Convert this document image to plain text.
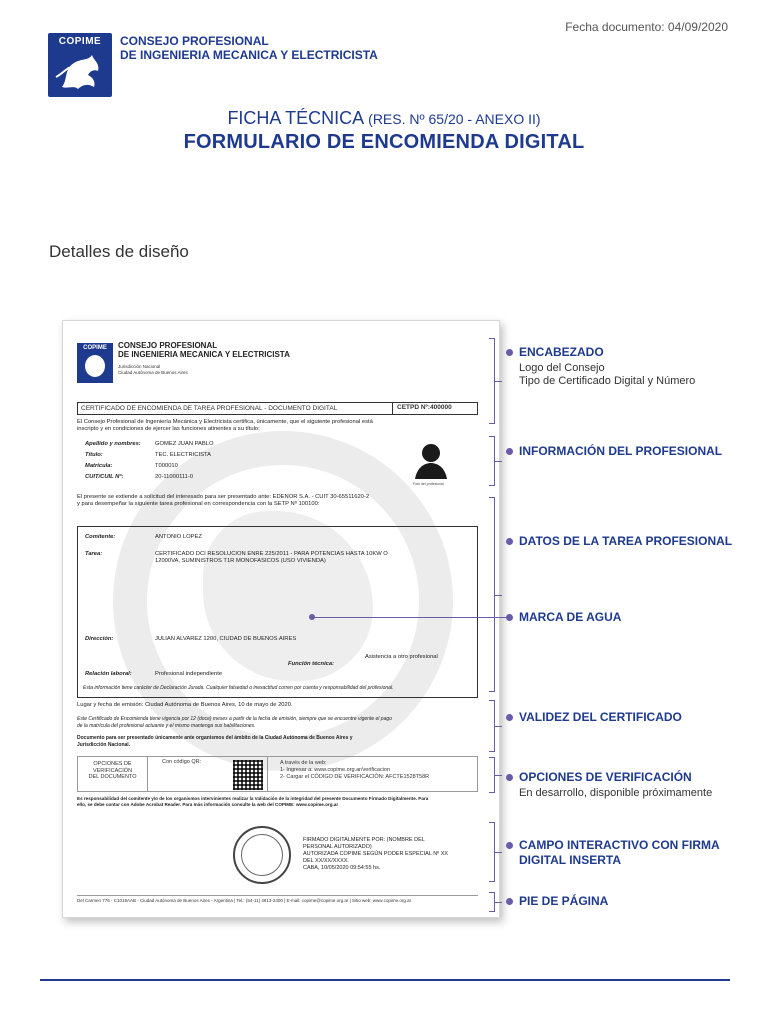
Fecha documento: 04/09/2020
COPIME	CONSEJO PROFESIONAL
DE INGENIERIA MECANICA Y ELECTRICISTA
FICHA TÉCNICA (RES. Nº 65/20 - ANEXO II)
FORMULARIO DE ENCOMIENDA DIGITAL
Detalles de diseño
COPIME	CONSEJO PROFESIONAL
DE INGENIERIA MECANICA Y ELECTRICISTA
Jurisdicción Nacional
Ciudad Autónoma de Buenos Aires
CERTIFICADO DE ENCOMIENDA DE TAREA PROFESIONAL - DOCUMENTO DIGITAL	CETPD Nº:400000
El Consejo Profesional de Ingeniería Mecánica y Electricista certifica, únicamente, que el siguiente profesional está
inscripto y en condiciones de ejercer las funciones atinentes a su título:
Apellido y nombres: GOMEZ JUAN PABLO
Título:	TEC. ELECTRICISTA
Matrícula:	T000010
CUIT/CUIL Nº:	20-11000111-0
Foto del profesional
El presente se extiende a solicitud del interesado para ser presentado ante: EDENOR S.A. - CUIT 30-65511620-2
y para desempeñar la siguiente tarea profesional en correspondencia con la SETP Nº 100100:
Comitente:	ANTONIO LOPEZ
Tarea:	CERTIFICADO DCI RESOLUCION ENRE 225/2011 - PARA POTENCIAS HASTA 10KW O
12000VA, SUMINISTROS T1R MONOFASICOS (USO VIVIENDA)
Dirección:	JULIAN ALVAREZ 1200, CIUDAD DE BUENOS AIRES
Asistencia a otro profesional
Función técnica:
Relación laboral:	Profesional independiente
Esta información tiene carácter de Declaración Jurada. Cualquier falsedad o inexactitud corren por cuenta y responsabilidad del profesional.
Lugar y fecha de emisión: Ciudad Autónoma de Buenos Aires, 10 de mayo de 2020.
Este Certificado de Encomienda tiene vigencia por 12 (doce) meses a partir de la fecha de emisión, siempre que se encuentre vigente el pago
de la matrícula del profesional actuante y el mismo mantenga sus habilitaciones.
Documento para ser presentado únicamente ante organismos del ámbito de la Ciudad Autónoma de Buenos Aires y
Jurisdicción Nacional.
OPCIONES DE
VERIFICACIÓN
DEL DOCUMENTO
Con código QR:	A través de la web:
1- Ingresar a: www.copime.org.ar/verificacion
2- Cargar el CÓDIGO DE VERIFICACIÓN: AFCTE1528T58R
Es responsabilidad del comitente y/o de los organismos intervinientes realizar la Validación de la integridad del presente Documento Firmado Digitalmente. Para
ello, se debe contar con Adobe Acrobat Reader. Para más información consulte la web del COPIME: www.copime.org.ar
FIRMADO DIGITALMENTE POR: (NOMBRE DEL
PERSONAL AUTORIZADO)
AUTORIZADA COPIME SEGÚN PODER ESPECIAL Nº XX
DEL XX/XX/XXXX.
CABA, 10/05/2020 09:54:55 hs.
Del Carmen 776 - C1019AAB - Ciudad Autónoma de Buenos Aires - Argentina | Tel.: (54-11) 4813-2400 | E-mail: copime@copime.org.ar | Sitio web: www.copime.org.ar
ENCABEZADO
Logo del Consejo
Tipo de Certificado Digital y Número
INFORMACIÓN DEL PROFESIONAL
DATOS DE LA TAREA PROFESIONAL
MARCA DE AGUA
VALIDEZ DEL CERTIFICADO
OPCIONES DE VERIFICACIÓN
En desarrollo, disponible próximamente
CAMPO INTERACTIVO CON FIRMA
DIGITAL INSERTA
PIE DE PÁGINA
